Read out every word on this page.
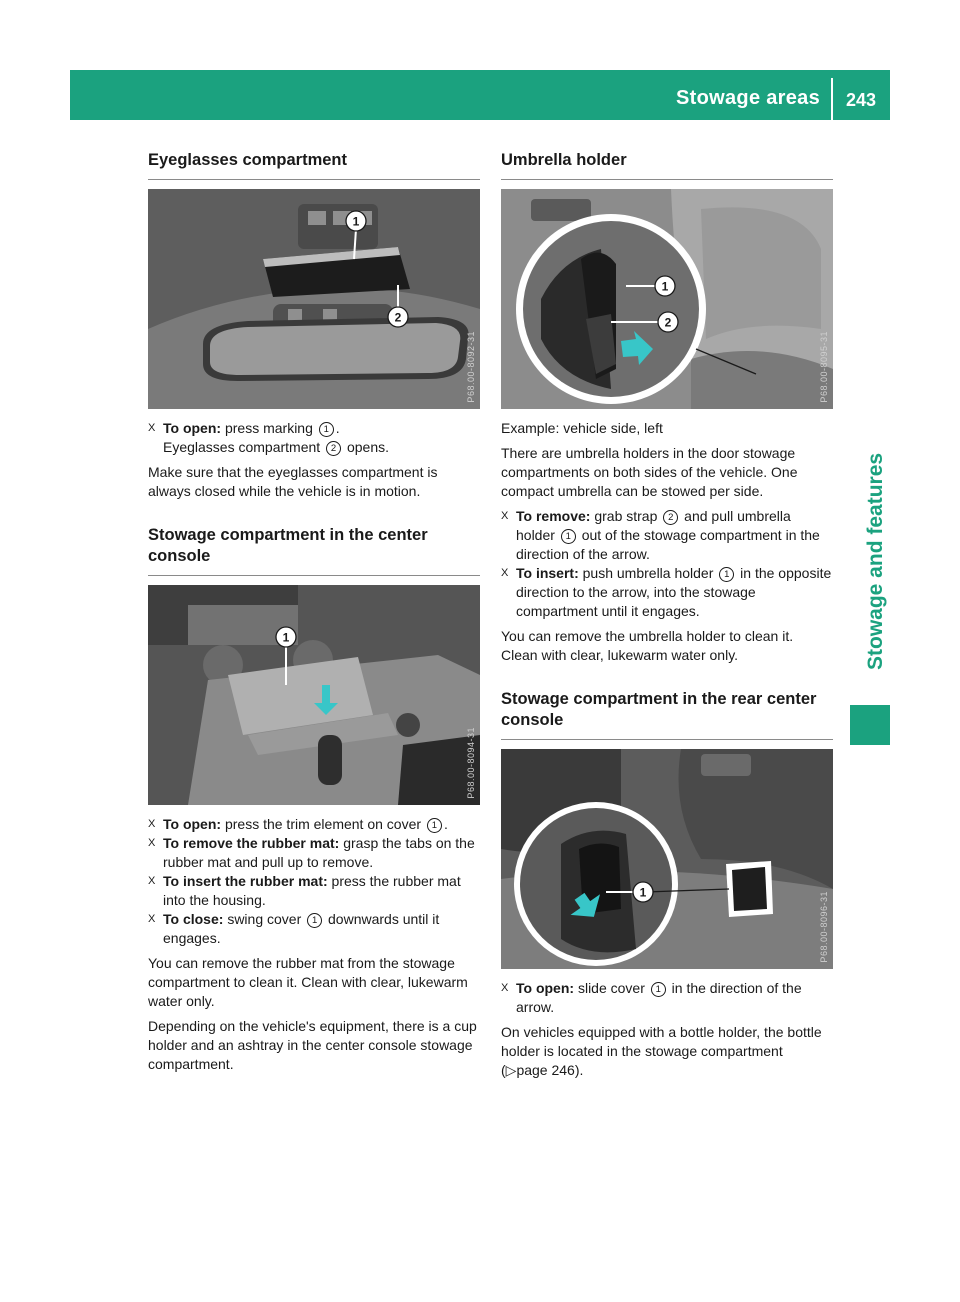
Stowage areas	243
Stowage and features
Eyeglasses compartment
1
2
P68.00-8092-31
X To open: press marking 1 .
Eyeglasses compartment 2 opens.

Make sure that the eyeglasses compartment is always closed while the vehicle is in motion.

Stowage compartment in the center console
1
P68.00-8094-31
X To open: press the trim element on cover 1 .
X To remove the rubber mat: grasp the tabs on the rubber mat and pull up to remove.
X To insert the rubber mat: press the rubber mat into the housing.
X To close: swing cover 1 downwards until it engages.

You can remove the rubber mat from the stowage compartment to clean it. Clean with clear, lukewarm water only.

Depending on the vehicle's equipment, there is a cup holder and an ashtray in the center console stowage compartment.

Umbrella holder
1
2
P68.00-8095-31

Example: vehicle side, left

There are umbrella holders in the door stowage compartments on both sides of the vehicle. One compact umbrella can be stowed per side.

X To remove: grab strap 2 and pull umbrella holder 1 out of the stowage compartment in the direction of the arrow.
X To insert: push umbrella holder 1 in the opposite direction to the arrow, into the stowage compartment until it engages.

You can remove the umbrella holder to clean it. Clean with clear, lukewarm water only.

Stowage compartment in the rear center console
1	P68.00-8096-31
X To open: slide cover 1 in the direction of the arrow.

On vehicles equipped with a bottle holder, the bottle holder is located in the stowage compartment (▷page 246).
